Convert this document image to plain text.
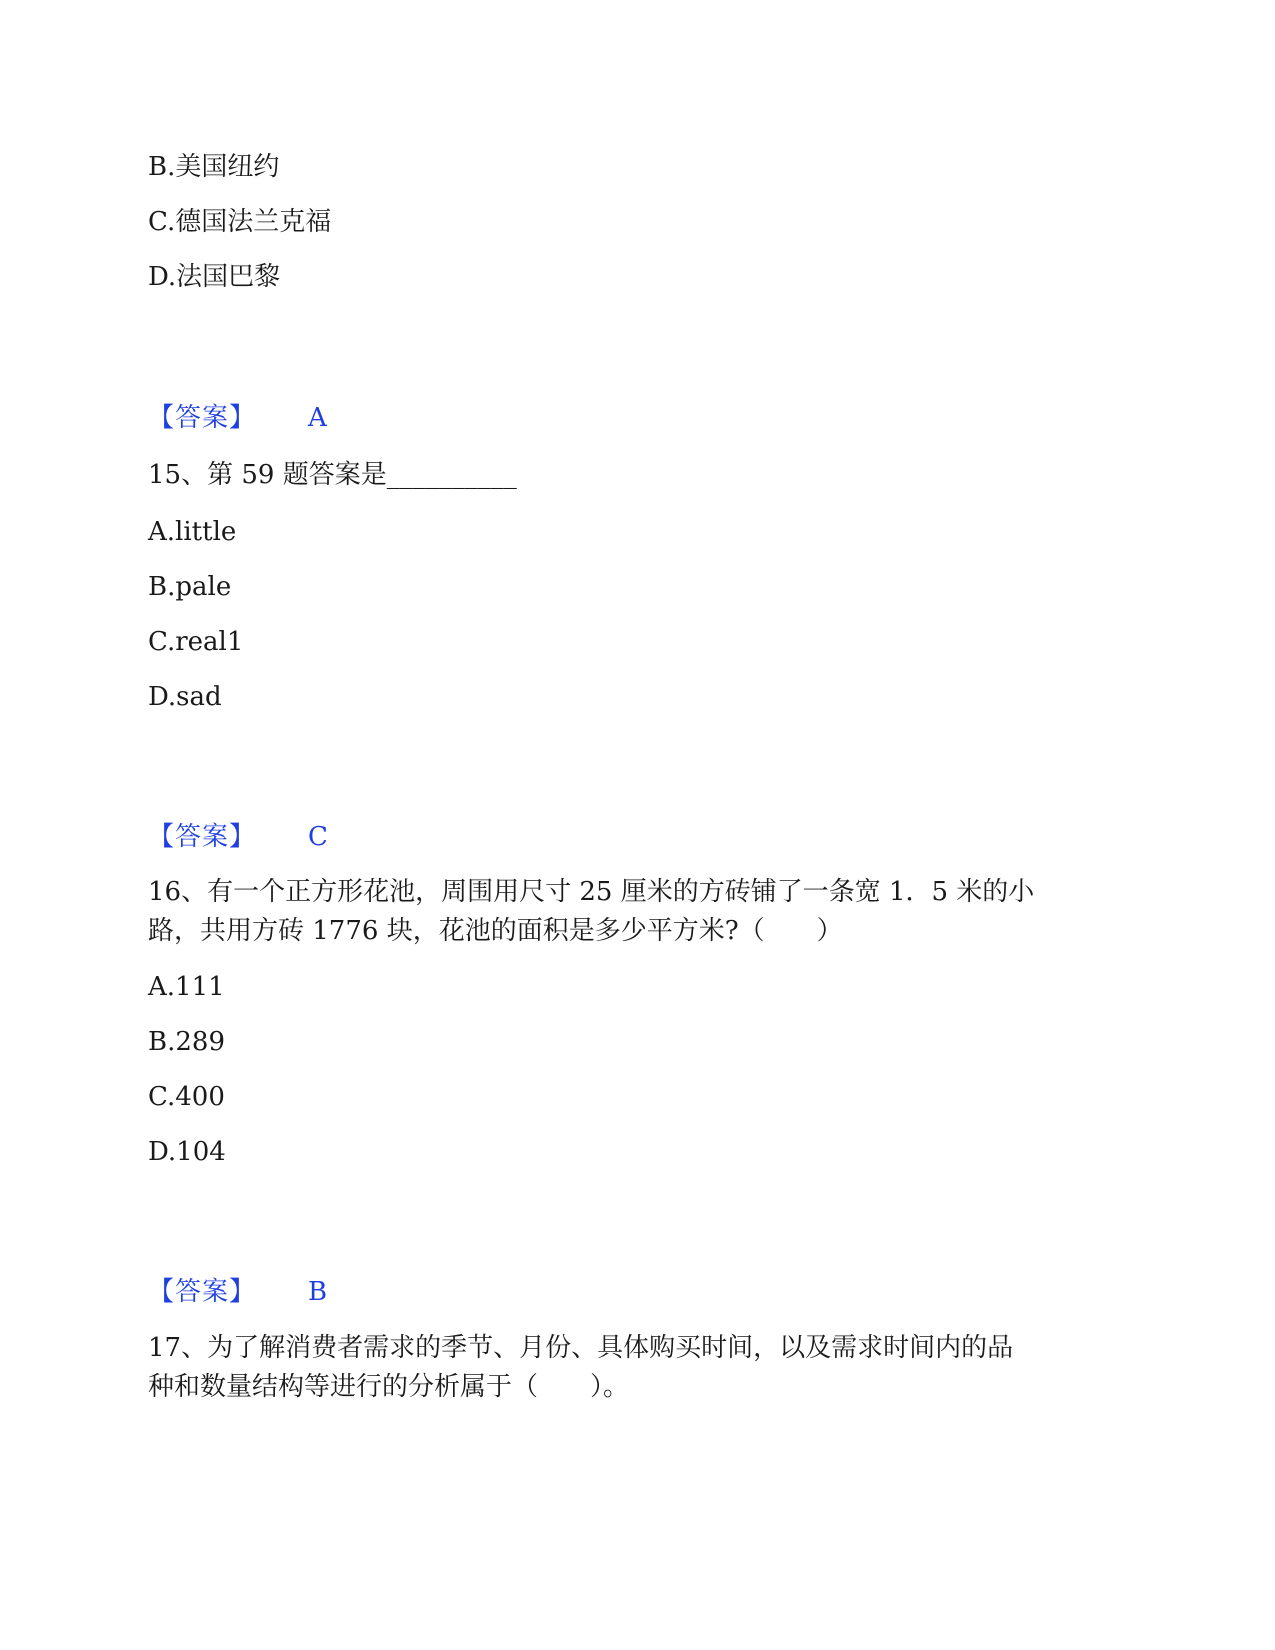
B.美国纽约
C.德国法兰克福
D.法国巴黎
【答案】 A
15、第 59 题答案是__________
A.little
B.pale
C.real1
D.sad
【答案】 C
16、有一个正方形花池，周围用尺寸 25 厘米的方砖铺了一条宽 1．5 米的小
路，共用方砖 1776 块，花池的面积是多少平方米?（　　）
A.111
B.289
C.400
D.104
【答案】 B
17、为了解消费者需求的季节、月份、具体购买时间，以及需求时间内的品
种和数量结构等进行的分析属于（　　）。
